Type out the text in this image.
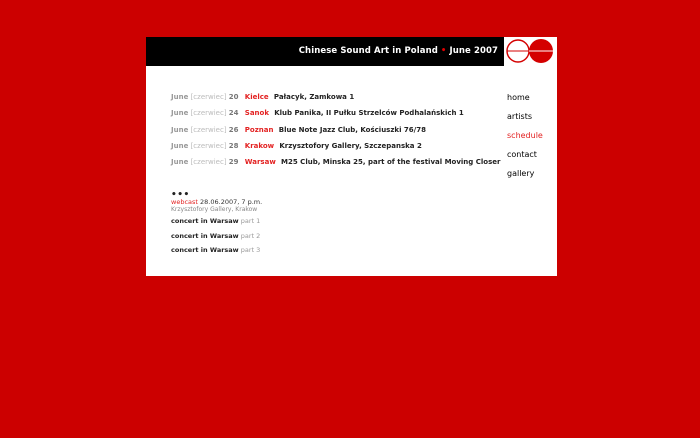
Chinese Sound Art in Poland • June 2007
June [czerwiec] 20 Kielce Pałacyk, Zamkowa 1
June [czerwiec] 24 Sanok Klub Panika, II Pułku Strzelców Podhalańskich 1
June [czerwiec] 26 Poznan Blue Note Jazz Club, Kościuszki 76/78
June [czerwiec] 28 Krakow Krzysztofory Gallery, Szczepanska 2
June [czerwiec] 29 Warsaw M25 Club, Minska 25, part of the festival Moving Closer
•••
webcast 28.06.2007, 7 p.m.
Krzysztofory Gallery, Krakow
concert in Warsaw part 1
concert in Warsaw part 2
concert in Warsaw part 3
home
artists
schedule
contact
gallery
